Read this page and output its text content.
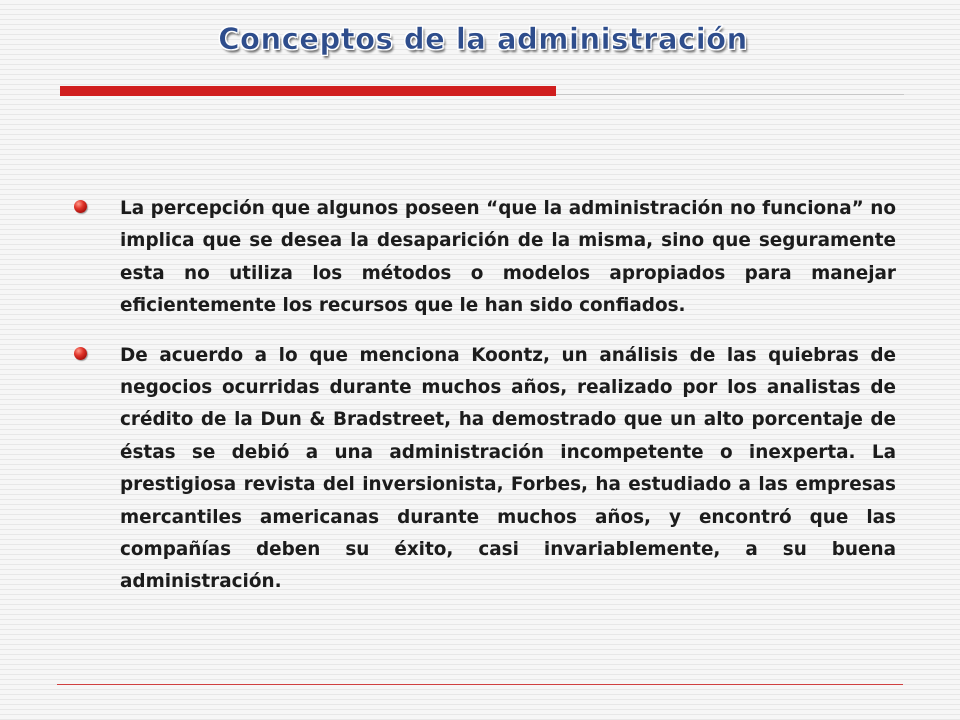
Conceptos de la administración

La percepción que algunos poseen “que la administración no funciona” no implica que se desea la desaparición de la misma, sino que seguramente esta no utiliza los métodos o modelos apropiados para manejar eficientemente los recursos que le han sido confiados.

De acuerdo a lo que menciona Koontz, un análisis de las quiebras de negocios ocurridas durante muchos años, realizado por los analistas de crédito de la Dun & Bradstreet, ha demostrado que un alto porcentaje de éstas se debió a una administración incompetente o inexperta. La prestigiosa revista del inversionista, Forbes, ha estudiado a las empresas mercantiles americanas durante muchos años, y encontró que las compañías deben su éxito, casi invariablemente, a su buena administración.
